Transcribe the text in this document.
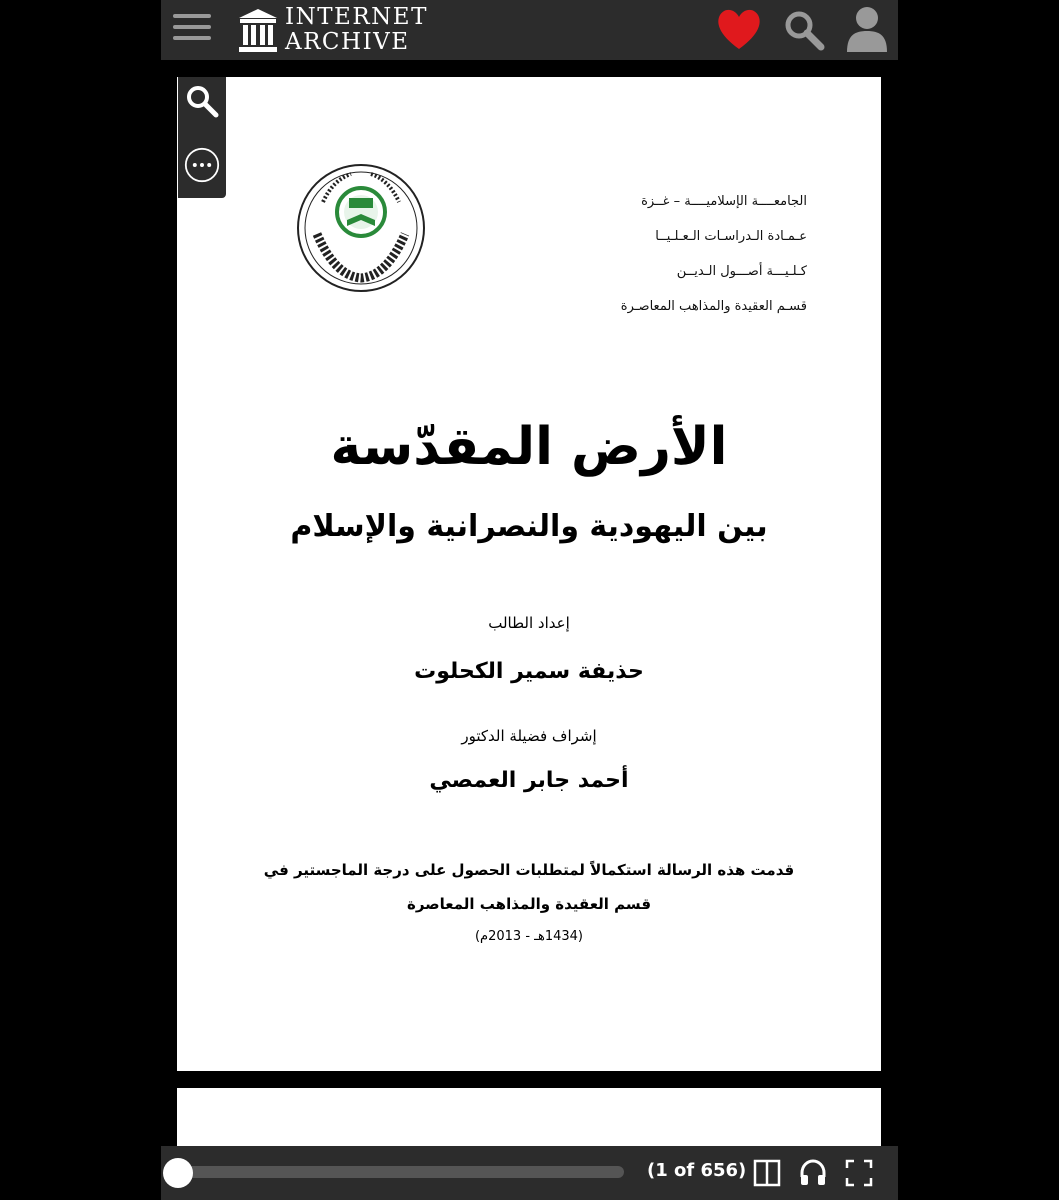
INTERNET
ARCHIVE
الجامعــــة الإسلاميــــة – غــزة
عـمـادة الـدراسـات الـعـلـيــا
كـلـيـــة أصـــول الـديــن
قسـم العقيدة والمذاهب المعاصـرة
الأرض المقدّسة
بين اليهودية والنصرانية والإسلام
إعداد الطالب
حذيفة سمير الكحلوت
إشراف فضيلة الدكتور
أحمد جابر العمصي
قدمت هذه الرسالة استكمالاً لمتطلبات الحصول على درجة الماجستير في
قسم العقيدة والمذاهب المعاصرة
(1434هـ - 2013م)
(1 of 656)
